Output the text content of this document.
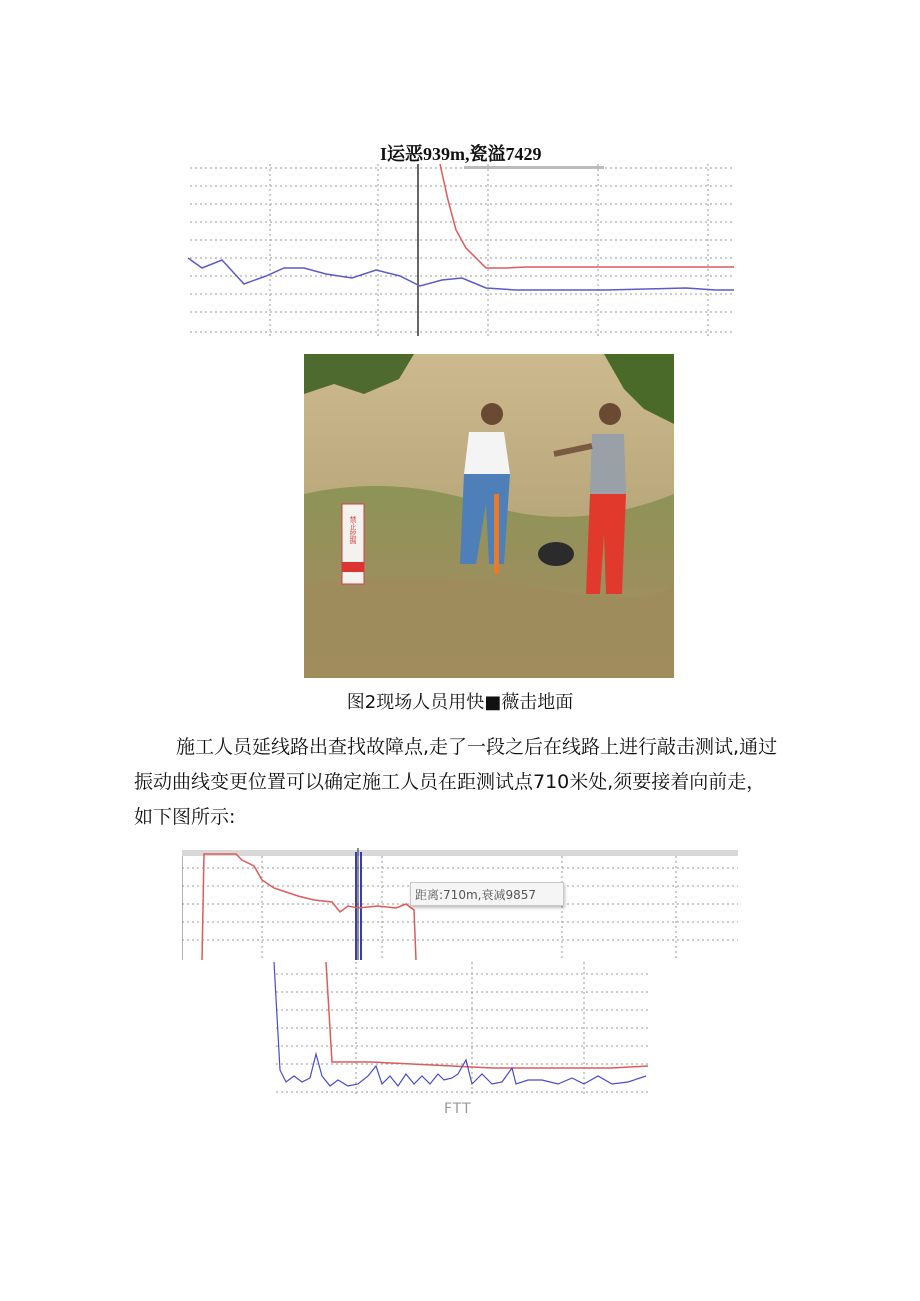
I运恶939m,瓷溢7429
禁止挖掘
图2现场人员用快■薇击地面
施工人员延线路出查找故障点,走了一段之后在线路上进行敲击测试,通过振动曲线变更位置可以确定施工人员在距测试点710米处,须要接着向前走，如下图所示:
距离:710m,衰减9857
FTT
